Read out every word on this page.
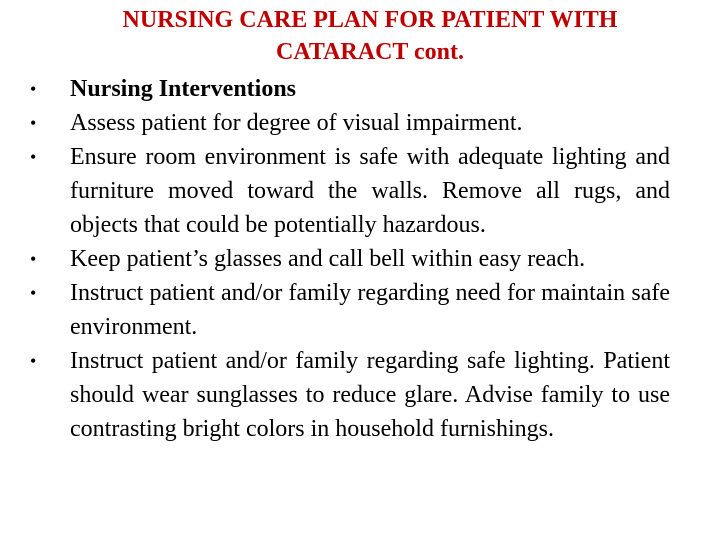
NURSING CARE PLAN FOR PATIENT WITH CATARACT cont.
• Nursing Interventions
• Assess patient for degree of visual impairment.
• Ensure room environment is safe with adequate lighting and furniture moved toward the walls. Remove all rugs, and objects that could be potentially hazardous.
• Keep patient’s glasses and call bell within easy reach.
• Instruct patient and/or family regarding need for maintain safe environment.
• Instruct patient and/or family regarding safe lighting. Patient should wear sunglasses to reduce glare. Advise family to use contrasting bright colors in household furnishings.
